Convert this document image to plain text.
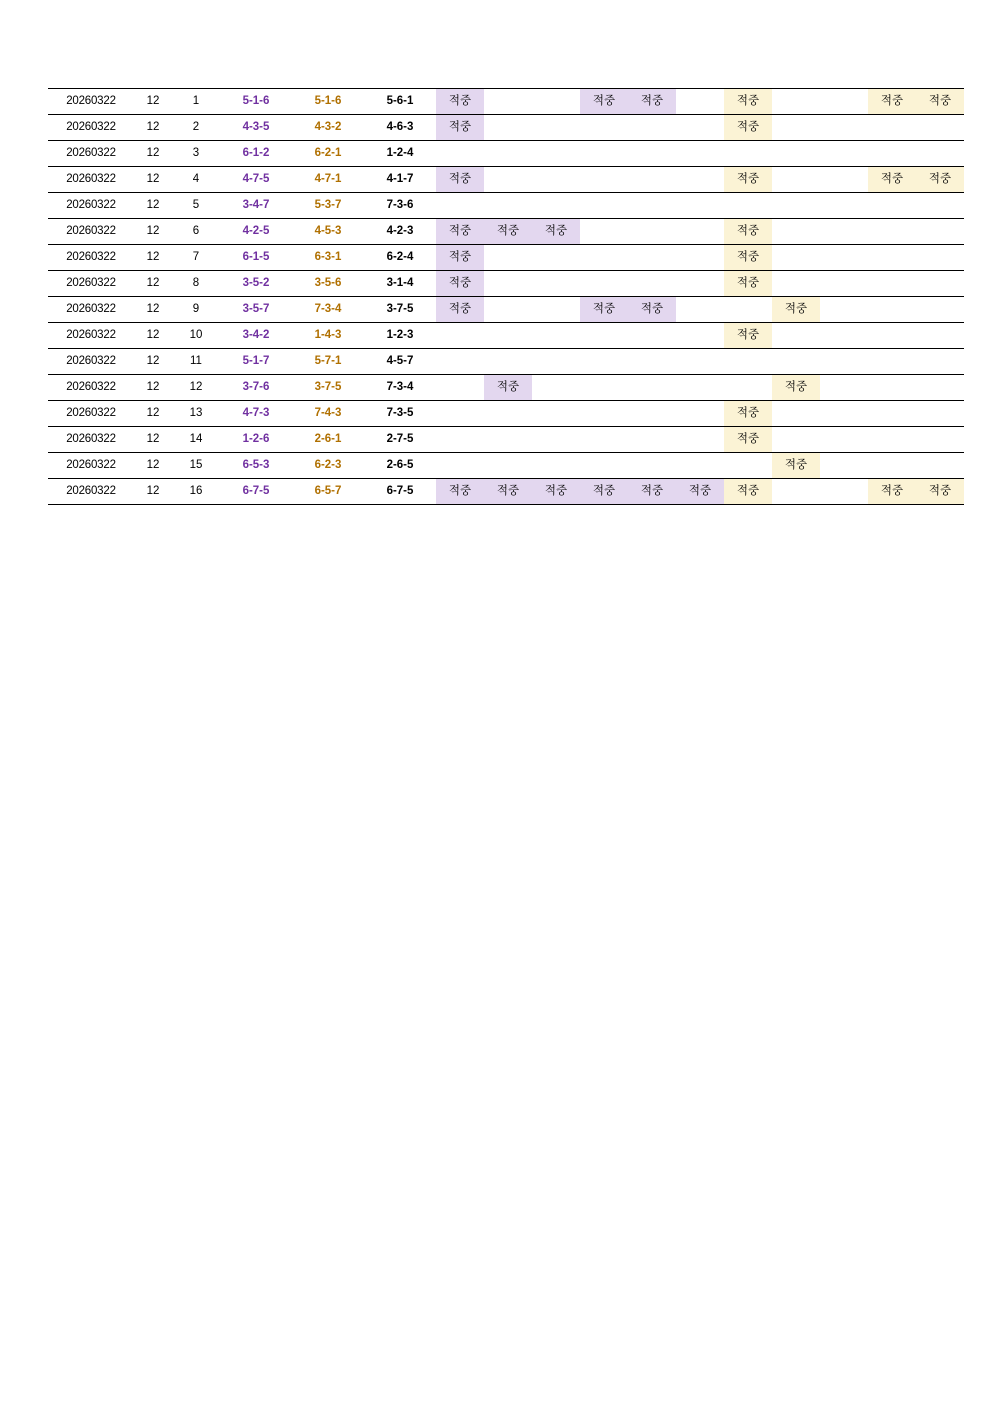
20260322	12	1	5-1-6	5-1-6	5-6-1	적중			적중	적중		적중			적중	적중
20260322	12	2	4-3-5	4-3-2	4-6-3	적중						적중				
20260322	12	3	6-1-2	6-2-1	1-2-4											
20260322	12	4	4-7-5	4-7-1	4-1-7	적중						적중			적중	적중
20260322	12	5	3-4-7	5-3-7	7-3-6											
20260322	12	6	4-2-5	4-5-3	4-2-3	적중	적중	적중				적중				
20260322	12	7	6-1-5	6-3-1	6-2-4	적중						적중				
20260322	12	8	3-5-2	3-5-6	3-1-4	적중						적중				
20260322	12	9	3-5-7	7-3-4	3-7-5	적중			적중	적중			적중			
20260322	12	10	3-4-2	1-4-3	1-2-3							적중				
20260322	12	11	5-1-7	5-7-1	4-5-7											
20260322	12	12	3-7-6	3-7-5	7-3-4		적중						적중			
20260322	12	13	4-7-3	7-4-3	7-3-5							적중				
20260322	12	14	1-2-6	2-6-1	2-7-5							적중				
20260322	12	15	6-5-3	6-2-3	2-6-5								적중			
20260322	12	16	6-7-5	6-5-7	6-7-5	적중	적중	적중	적중	적중	적중	적중			적중	적중
